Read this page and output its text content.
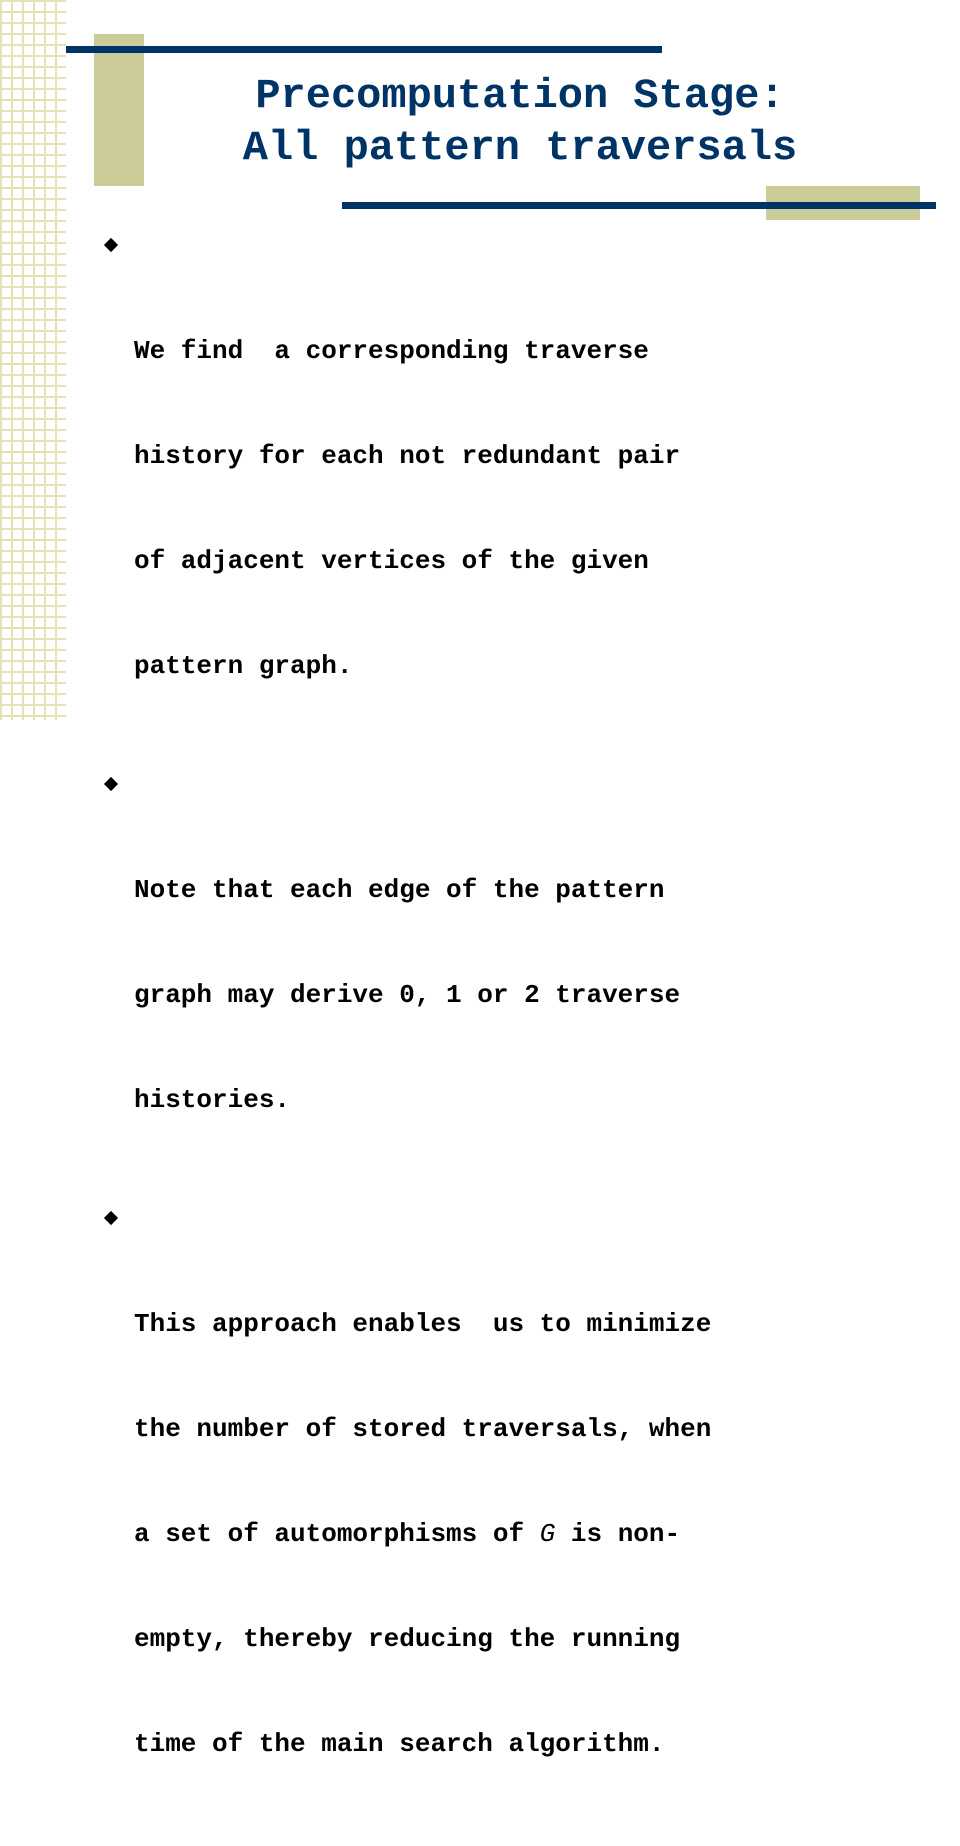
Precomputation Stage:
All pattern traversals

We find  a corresponding traverse

history for each not redundant pair

of adjacent vertices of the given

pattern graph.

Note that each edge of the pattern

graph may derive 0, 1 or 2 traverse

histories.

This approach enables  us to minimize

the number of stored traversals, when

a set of automorphisms of G is non-

empty, thereby reducing the running

time of the main search algorithm.
